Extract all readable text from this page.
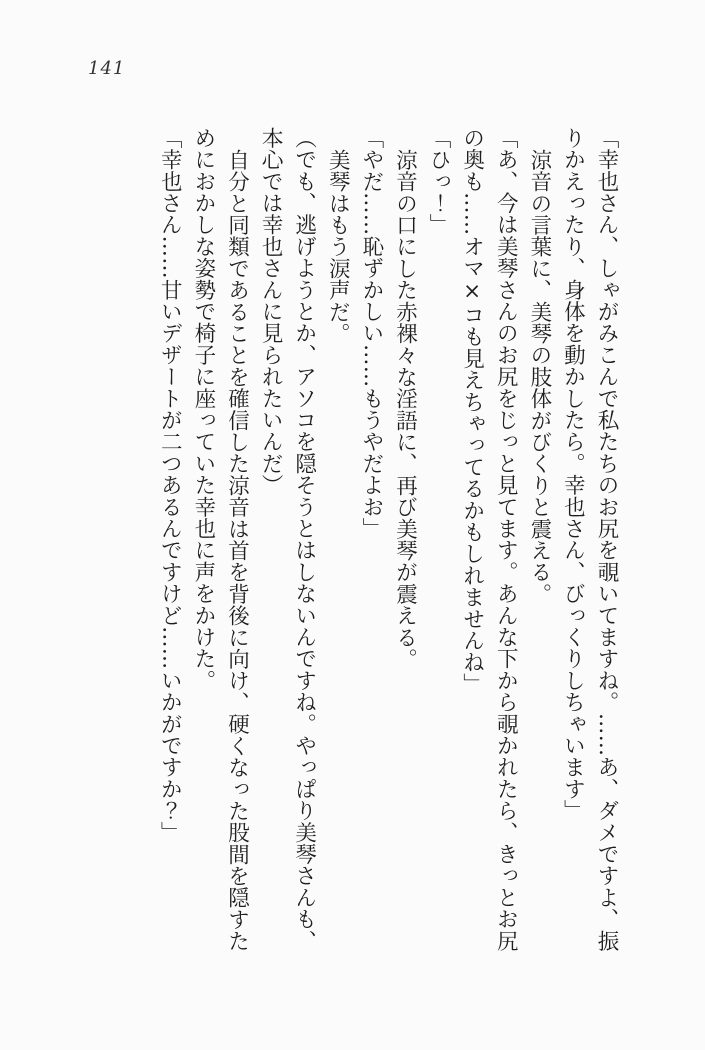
141

「幸也さん、しゃがみこんで私たちのお尻を覗いてますね。……あ、ダメですよ、振

りかえったり、身体を動かしたら。幸也さん、びっくりしちゃいます」

涼音の言葉に、美琴の肢体がびくりと震える。

「あ、今は美琴さんのお尻をじっと見てます。あんな下から覗かれたら、きっとお尻

の奥も……オマ×コも見えちゃってるかもしれませんね」

「ひっ！」

涼音の口にした赤裸々な淫語に、再び美琴が震える。

「やだ……恥ずかしい……もうやだよお」

美琴はもう涙声だ。

（でも、逃げようとか、アソコを隠そうとはしないんですね。やっぱり美琴さんも、

本心では幸也さんに見られたいんだ）

自分と同類であることを確信した涼音は首を背後に向け、硬くなった股間を隠すた

めにおかしな姿勢で椅子に座っていた幸也に声をかけた。

「幸也さん……甘いデザートが二つあるんですけど……いかがですか？」
